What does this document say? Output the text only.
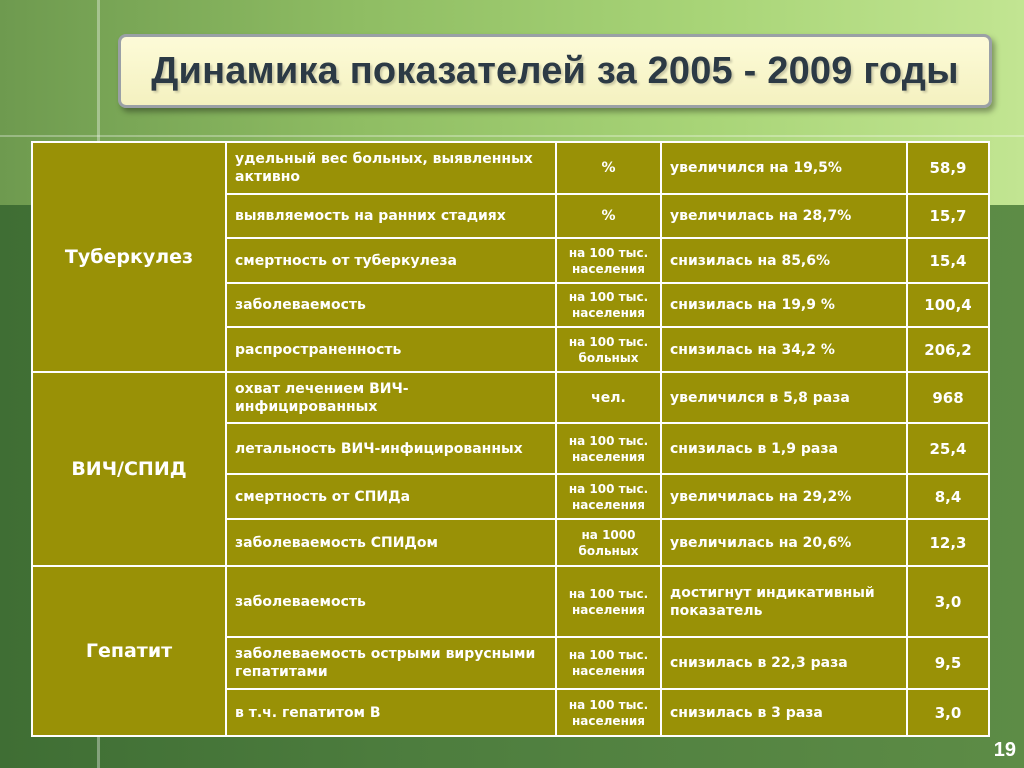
Динамика показателей за 2005 - 2009 годы
Туберкулез	удельный вес больных, выявленных активно	%	увеличился на 19,5%	58,9
	выявляемость на ранних стадиях	%	увеличилась на 28,7%	15,7
	смертность от туберкулеза	на 100 тыс. населения	снизилась на 85,6%	15,4
	заболеваемость	на 100 тыс. населения	снизилась на 19,9 %	100,4
	распространенность	на 100 тыс. больных	снизилась на 34,2 %	206,2
ВИЧ/СПИД	охват лечением ВИЧ-инфицированных	чел.	увеличился в 5,8 раза	968
	летальность ВИЧ-инфицированных	на 100 тыс. населения	снизилась в 1,9 раза	25,4
	смертность от СПИДа	на 100 тыс. населения	увеличилась на 29,2%	8,4
	заболеваемость СПИДом	на 1000 больных	увеличилась на 20,6%	12,3
Гепатит	заболеваемость	на 100 тыс. населения	достигнут индикативный показатель	3,0
	заболеваемость острыми вирусными гепатитами	на 100 тыс. населения	снизилась в 22,3 раза	9,5
	в т.ч. гепатитом В	на 100 тыс. населения	снизилась в 3 раза	3,0
19
